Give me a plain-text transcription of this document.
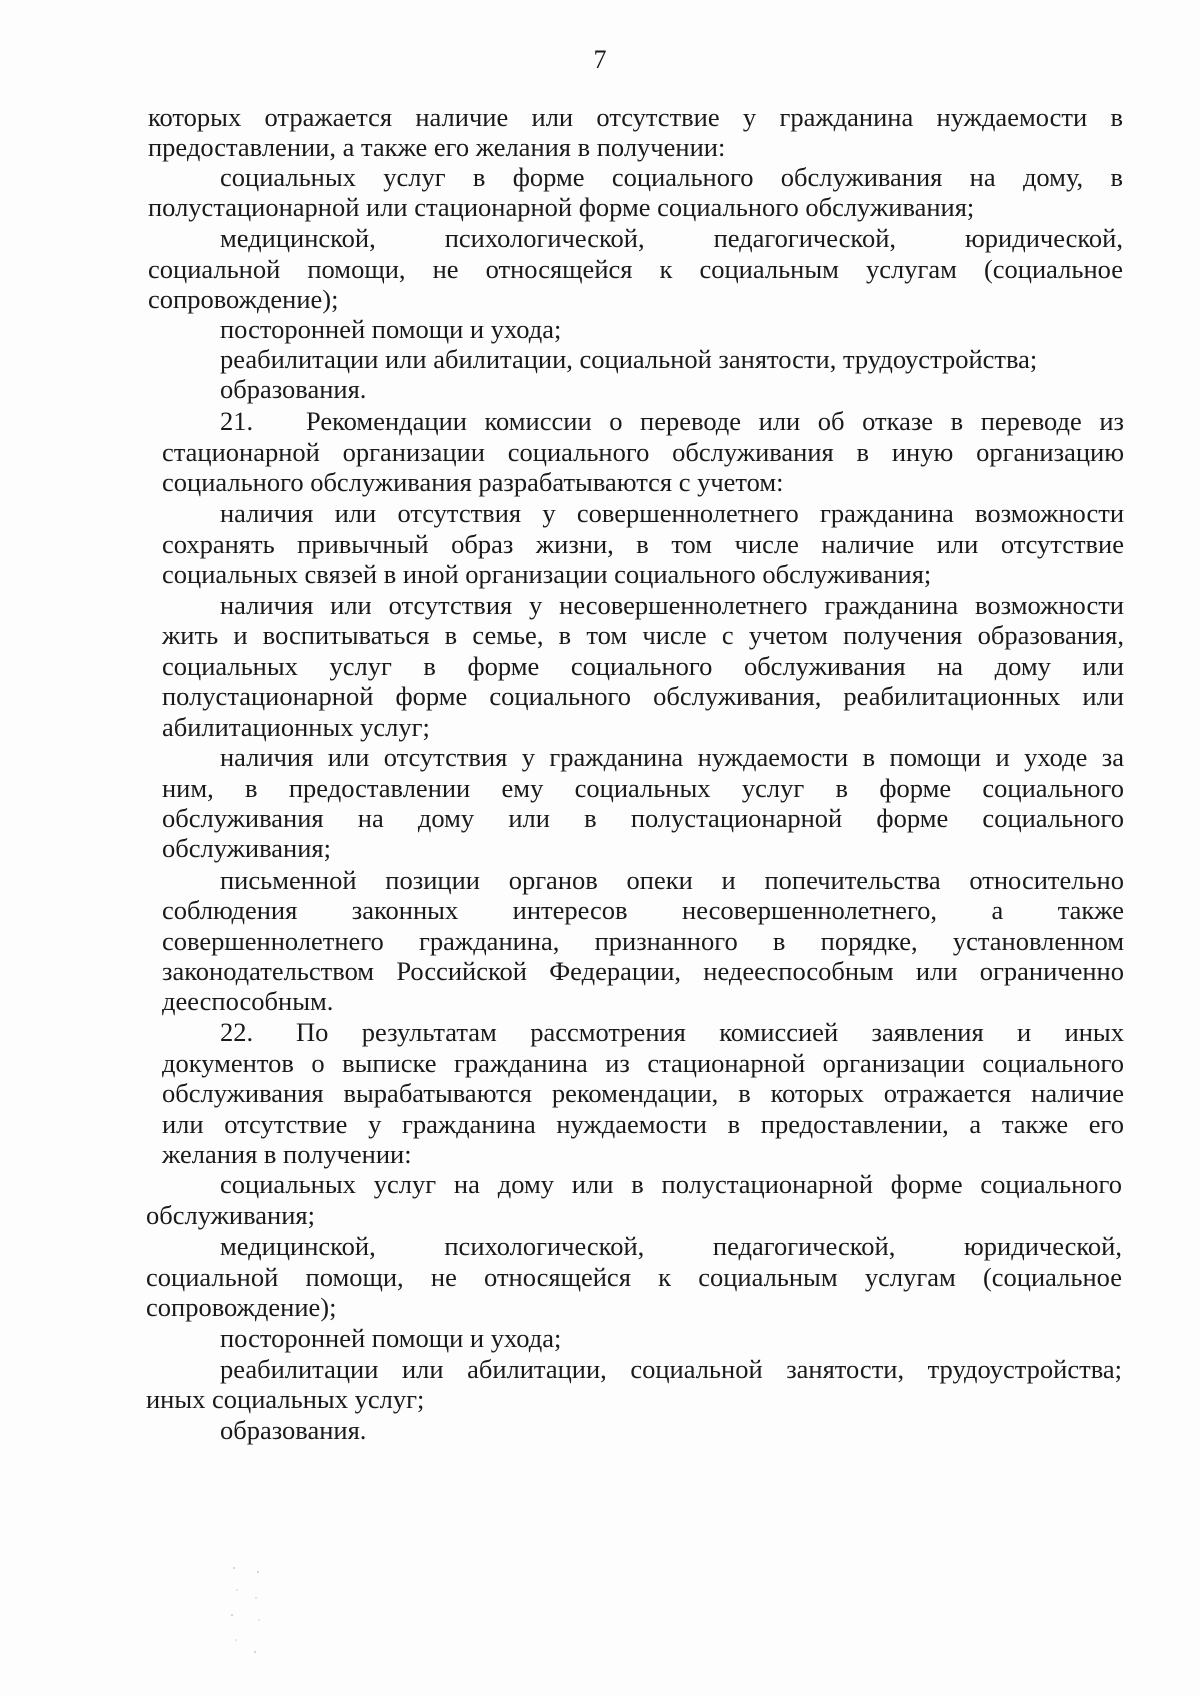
7
которых отражается наличие или отсутствие у гражданина нуждаемости в
предоставлении, а также его желания в получении:
социальных услуг в форме социального обслуживания на дому, в
полустационарной или стационарной форме социального обслуживания;
медицинской, психологической, педагогической, юридической,
социальной помощи, не относящейся к социальным услугам (социальное
сопровождение);
посторонней помощи и ухода;
реабилитации или абилитации, социальной занятости, трудоустройства;
образования.
21. Рекомендации комиссии о переводе или об отказе в переводе из
стационарной организации социального обслуживания в иную организацию
социального обслуживания разрабатываются с учетом:
наличия или отсутствия у совершеннолетнего гражданина возможности
сохранять привычный образ жизни, в том числе наличие или отсутствие
социальных связей в иной организации социального обслуживания;
наличия или отсутствия у несовершеннолетнего гражданина возможности
жить и воспитываться в семье, в том числе с учетом получения образования,
социальных услуг в форме социального обслуживания на дому или
полустационарной форме социального обслуживания, реабилитационных или
абилитационных услуг;
наличия или отсутствия у гражданина нуждаемости в помощи и уходе за
ним, в предоставлении ему социальных услуг в форме социального
обслуживания на дому или в полустационарной форме социального
обслуживания;
письменной позиции органов опеки и попечительства относительно
соблюдения законных интересов несовершеннолетнего, а также
совершеннолетнего гражданина, признанного в порядке, установленном
законодательством Российской Федерации, недееспособным или ограниченно
дееспособным.
22. По результатам рассмотрения комиссией заявления и иных
документов о выписке гражданина из стационарной организации социального
обслуживания вырабатываются рекомендации, в которых отражается наличие
или отсутствие у гражданина нуждаемости в предоставлении, а также его
желания в получении:
социальных услуг на дому или в полустационарной форме социального
обслуживания;
медицинской, психологической, педагогической, юридической,
социальной помощи, не относящейся к социальным услугам (социальное
сопровождение);
посторонней помощи и ухода;
реабилитации или абилитации, социальной занятости, трудоустройства;
иных социальных услуг;
образования.
